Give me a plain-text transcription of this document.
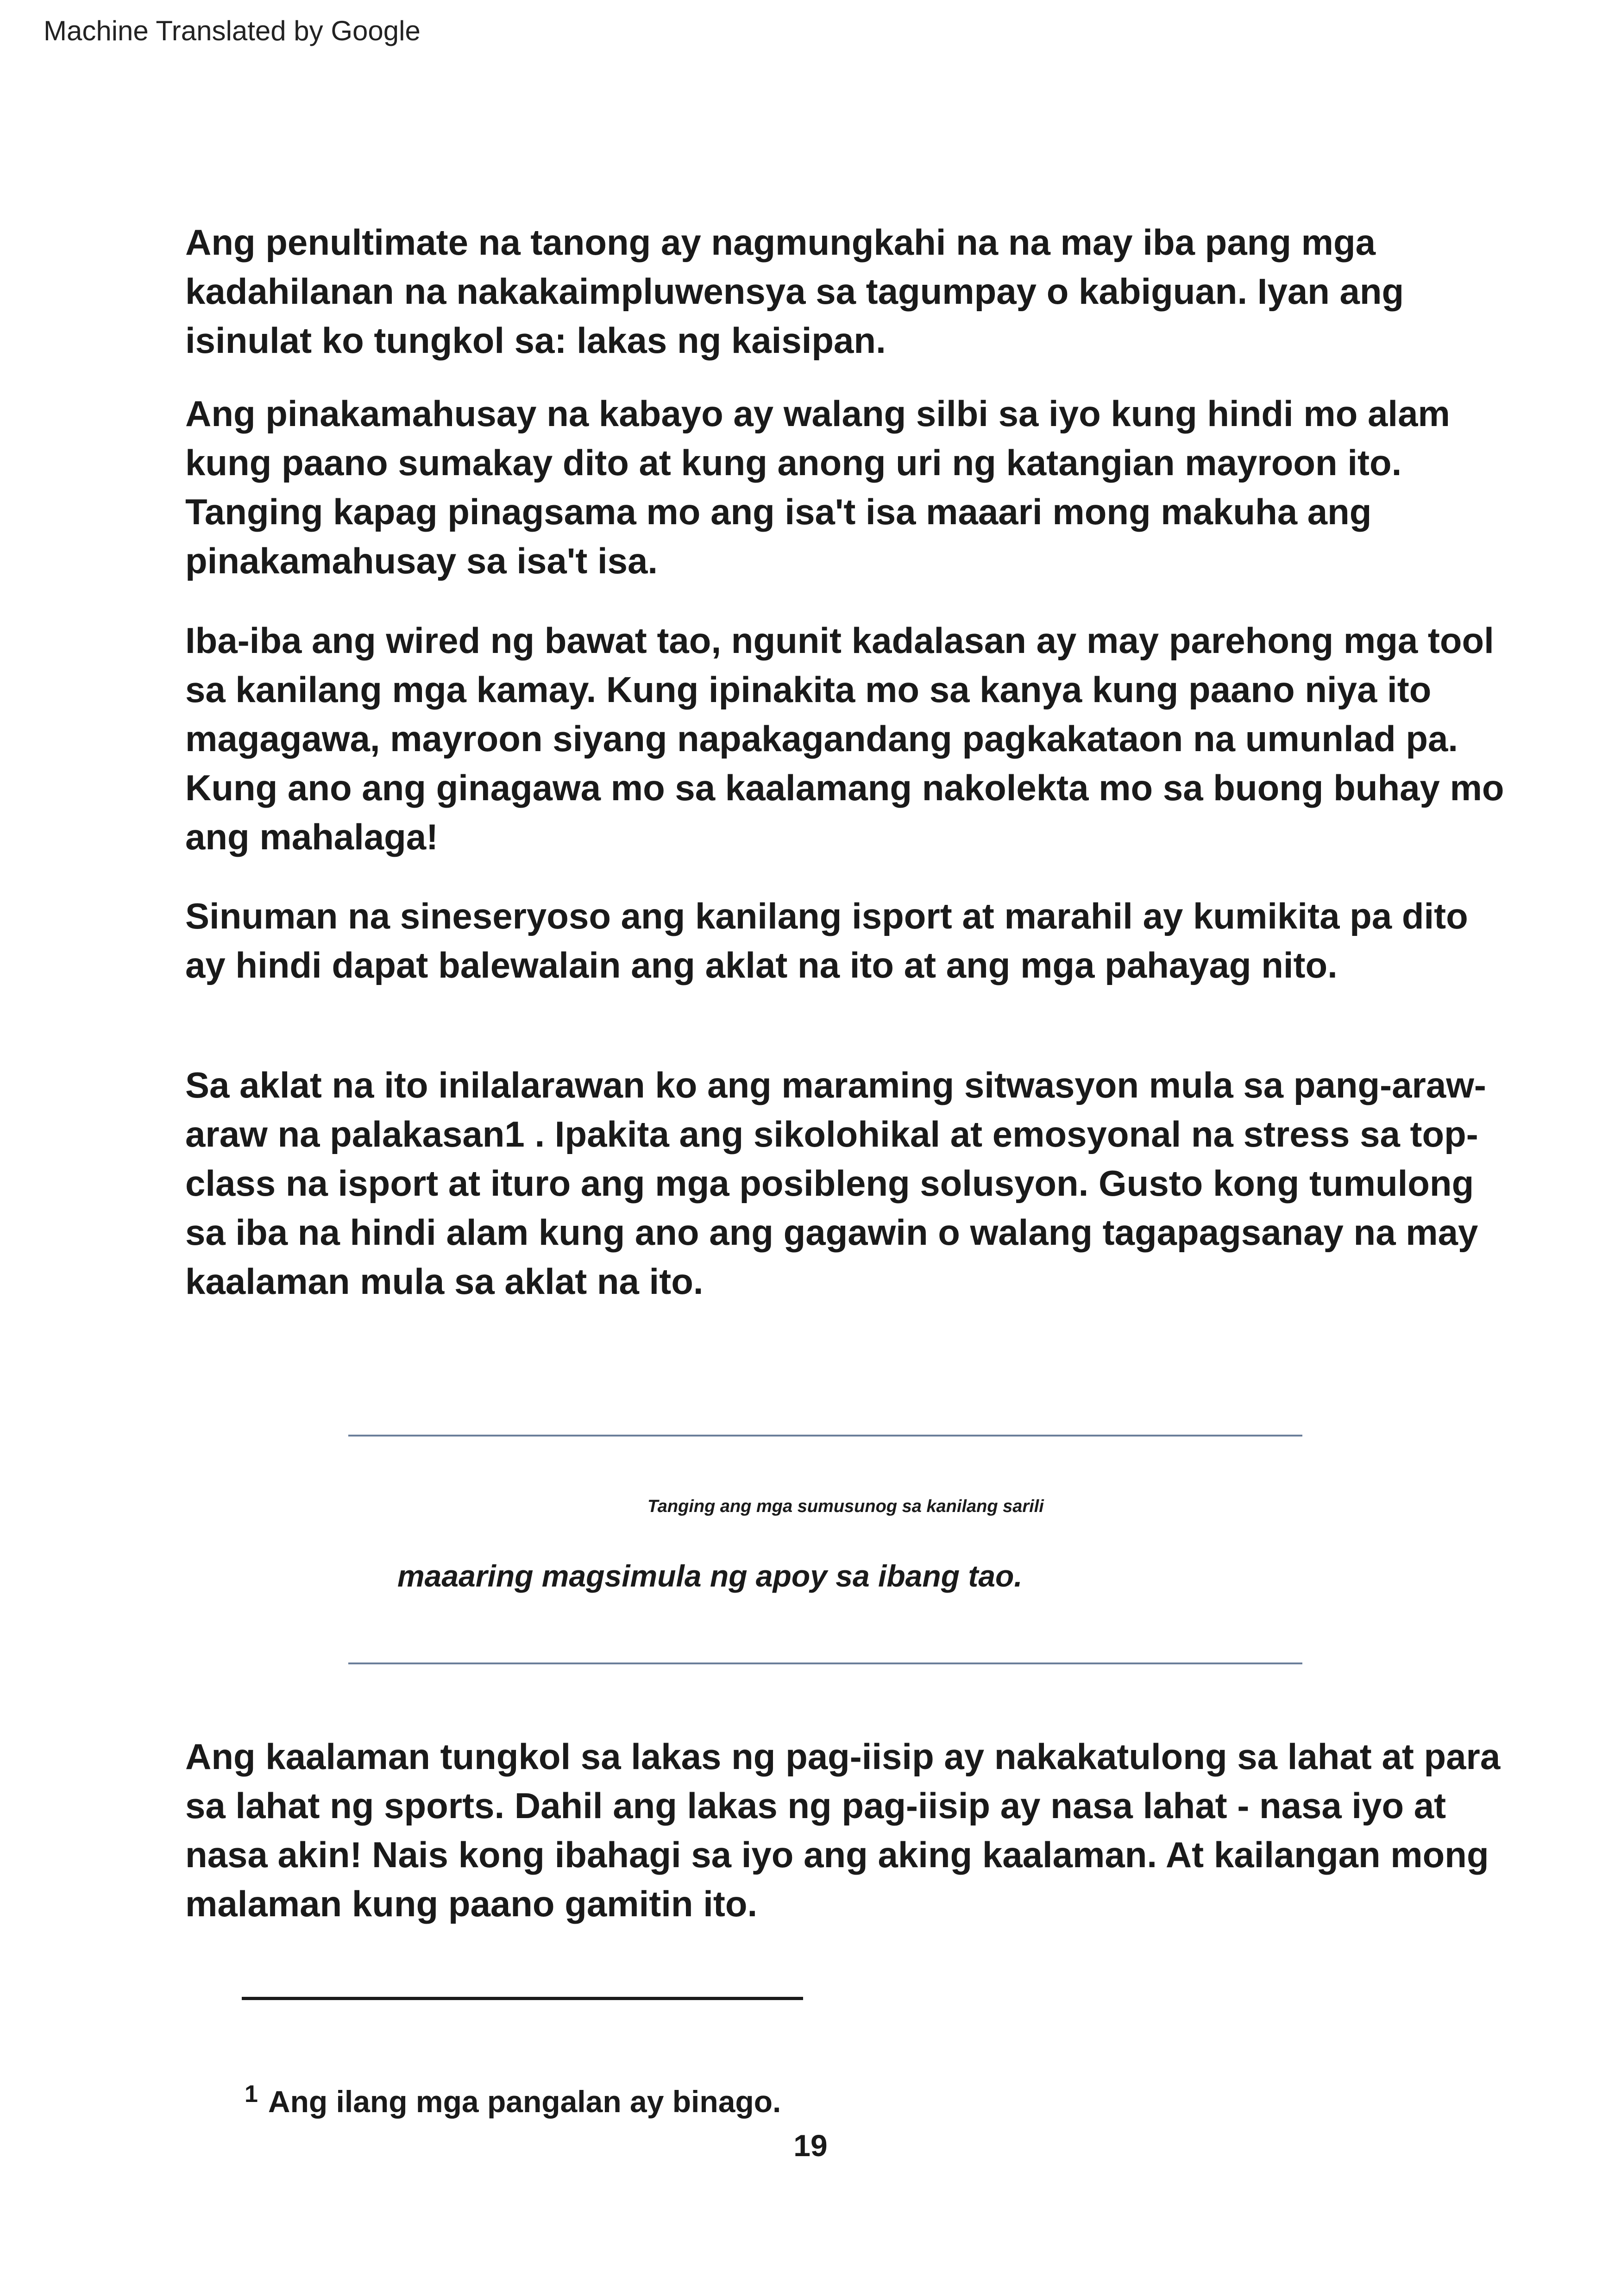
Machine Translated by Google

Ang penultimate na tanong ay nagmungkahi na na may iba pang mga kadahilanan na nakakaimpluwensya sa tagumpay o kabiguan. Iyan ang isinulat ko tungkol sa: lakas ng kaisipan.

Ang pinakamahusay na kabayo ay walang silbi sa iyo kung hindi mo alam kung paano sumakay dito at kung anong uri ng katangian mayroon ito. Tanging kapag pinagsama mo ang isa't isa maaari mong makuha ang pinakamahusay sa isa't isa.

Iba-iba ang wired ng bawat tao, ngunit kadalasan ay may parehong mga tool sa kanilang mga kamay. Kung ipinakita mo sa kanya kung paano niya ito magagawa, mayroon siyang napakagandang pagkakataon na umunlad pa. Kung ano ang ginagawa mo sa kaalamang nakolekta mo sa buong buhay mo ang mahalaga!

Sinuman na sineseryoso ang kanilang isport at marahil ay kumikita pa dito ay hindi dapat balewalain ang aklat na ito at ang mga pahayag nito.

Sa aklat na ito inilalarawan ko ang maraming sitwasyon mula sa pang-araw-araw na palakasan1 . Ipakita ang sikolohikal at emosyonal na stress sa top-class na isport at ituro ang mga posibleng solusyon. Gusto kong tumulong sa iba na hindi alam kung ano ang gagawin o walang tagapagsanay na may kaalaman mula sa aklat na ito.

Tanging ang mga sumusunog sa kanilang sarili
maaaring magsimula ng apoy sa ibang tao.

Ang kaalaman tungkol sa lakas ng pag-iisip ay nakakatulong sa lahat at para sa lahat ng sports. Dahil ang lakas ng pag-iisip ay nasa lahat - nasa iyo at nasa akin! Nais kong ibahagi sa iyo ang aking kaalaman. At kailangan mong malaman kung paano gamitin ito.

$^1$ Ang ilang mga pangalan ay binago.
19
